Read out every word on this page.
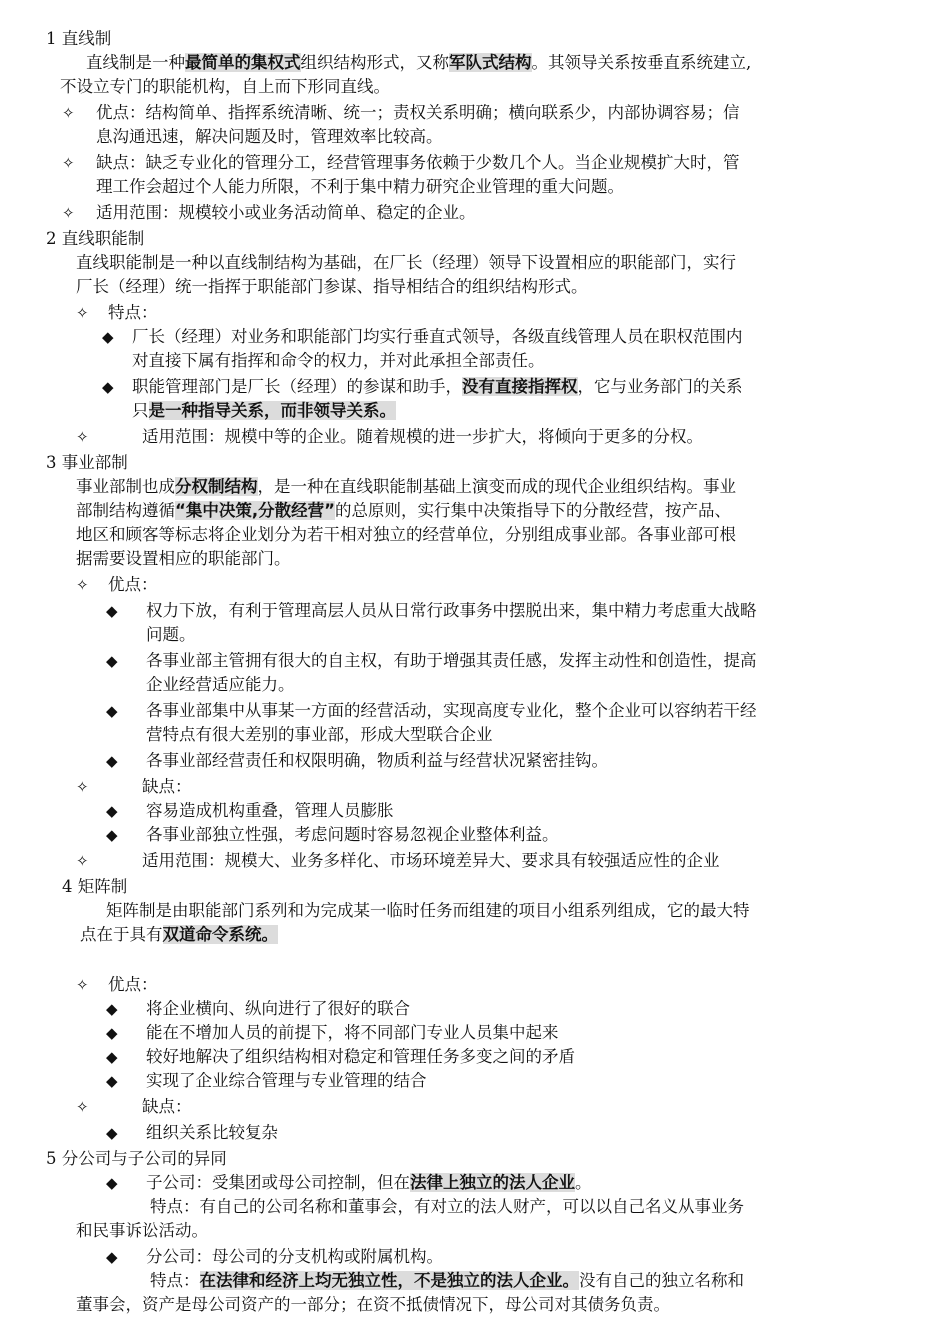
1 直线制
直线制是一种最简单的集权式组织结构形式，又称军队式结构。其领导关系按垂直系统建立,
不设立专门的职能机构，自上而下形同直线。
✧ 优点：结构简单、指挥系统清晰、统一；责权关系明确；横向联系少，内部协调容易；信
息沟通迅速，解决问题及时，管理效率比较高。
✧ 缺点：缺乏专业化的管理分工，经营管理事务依赖于少数几个人。当企业规模扩大时，管
理工作会超过个人能力所限，不利于集中精力研究企业管理的重大问题。
✧ 适用范围：规模较小或业务活动简单、稳定的企业。
2 直线职能制
直线职能制是一种以直线制结构为基础，在厂长（经理）领导下设置相应的职能部门，实行
厂长（经理）统一指挥于职能部门参谋、指导相结合的组织结构形式。
✧ 特点：
◆ 厂长（经理）对业务和职能部门均实行垂直式领导，各级直线管理人员在职权范围内
对直接下属有指挥和命令的权力，并对此承担全部责任。
◆ 职能管理部门是厂长（经理）的参谋和助手，没有直接指挥权，它与业务部门的关系
只是一种指导关系，而非领导关系。
✧	适用范围：规模中等的企业。随着规模的进一步扩大，将倾向于更多的分权。
3 事业部制
事业部制也成分权制结构，是一种在直线职能制基础上演变而成的现代企业组织结构。事业
部制结构遵循“集中决策,分散经营”的总原则，实行集中决策指导下的分散经营，按产品、
地区和顾客等标志将企业划分为若干相对独立的经营单位，分别组成事业部。各事业部可根
据需要设置相应的职能部门。
✧ 优点：
◆ 权力下放，有利于管理高层人员从日常行政事务中摆脱出来，集中精力考虑重大战略
问题。
◆ 各事业部主管拥有很大的自主权，有助于增强其责任感，发挥主动性和创造性，提高
企业经营适应能力。
◆ 各事业部集中从事某一方面的经营活动，实现高度专业化，整个企业可以容纳若干经
营特点有很大差别的事业部，形成大型联合企业
◆ 各事业部经营责任和权限明确，物质利益与经营状况紧密挂钩。
✧	缺点：
◆ 容易造成机构重叠，管理人员膨胀
◆ 各事业部独立性强，考虑问题时容易忽视企业整体利益。
✧	适用范围：规模大、业务多样化、市场环境差异大、要求具有较强适应性的企业
4 矩阵制
矩阵制是由职能部门系列和为完成某一临时任务而组建的项目小组系列组成，它的最大特
点在于具有双道命令系统。
✧ 优点：
◆ 将企业横向、纵向进行了很好的联合
◆ 能在不增加人员的前提下，将不同部门专业人员集中起来
◆ 较好地解决了组织结构相对稳定和管理任务多变之间的矛盾
◆ 实现了企业综合管理与专业管理的结合
✧	缺点：
◆ 组织关系比较复杂
5 分公司与子公司的异同
◆ 子公司：受集团或母公司控制，但在法律上独立的法人企业。
特点：有自己的公司名称和董事会，有对立的法人财产，可以以自己名义从事业务
和民事诉讼活动。
◆ 分公司：母公司的分支机构或附属机构。
特点：在法律和经济上均无独立性，不是独立的法人企业。没有自己的独立名称和
董事会，资产是母公司资产的一部分；在资不抵债情况下，母公司对其债务负责。
